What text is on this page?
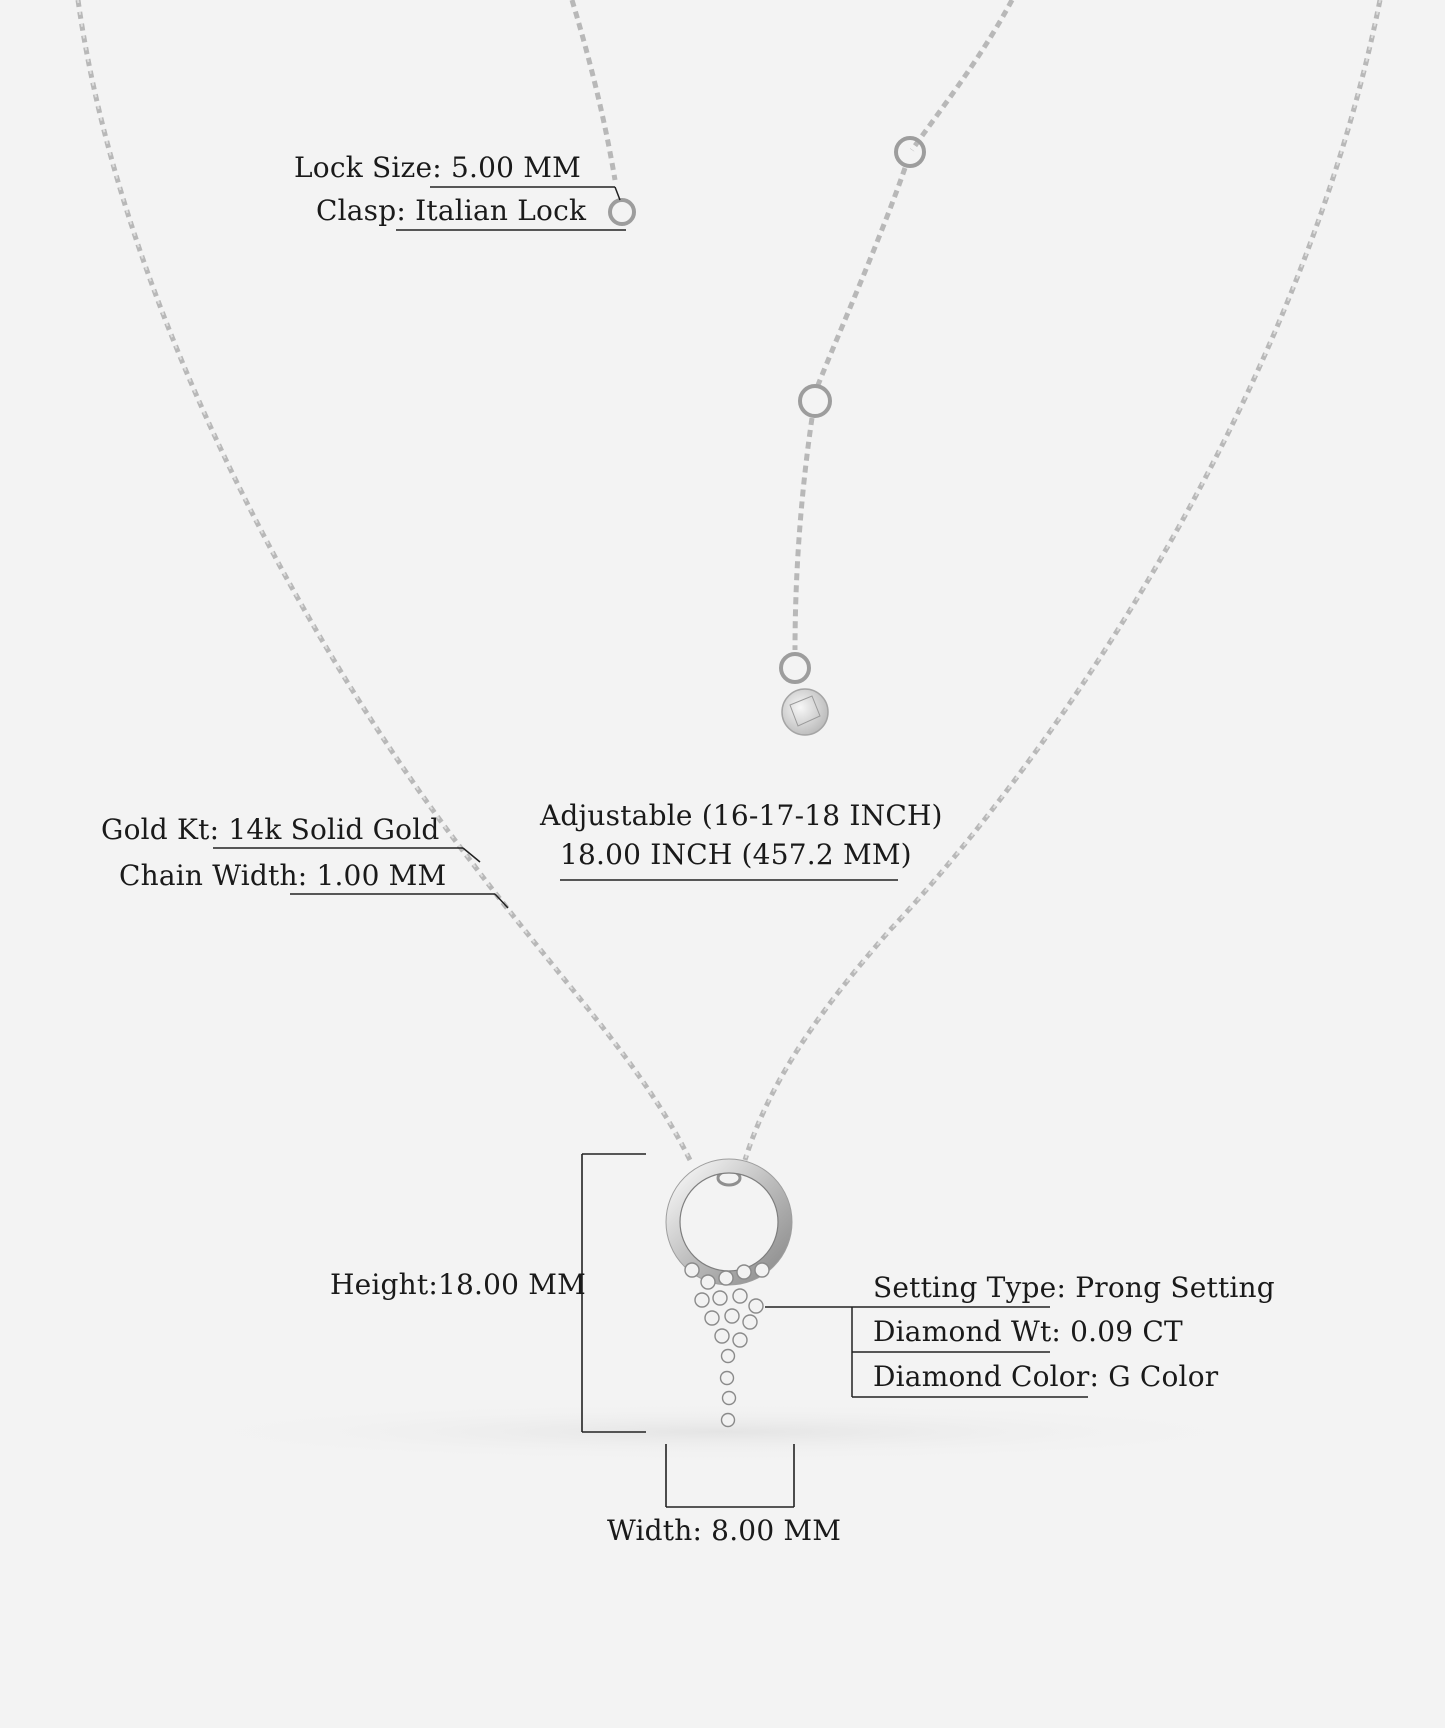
Lock Size: 5.00 MM
Clasp: Italian Lock
Gold Kt: 14k Solid Gold
Chain Width: 1.00 MM
Adjustable (16-17-18 INCH)
18.00 INCH (457.2 MM)
Height:18.00 MM
Width: 8.00 MM
Setting Type: Prong Setting
Diamond Wt: 0.09 CT
Diamond Color: G Color
